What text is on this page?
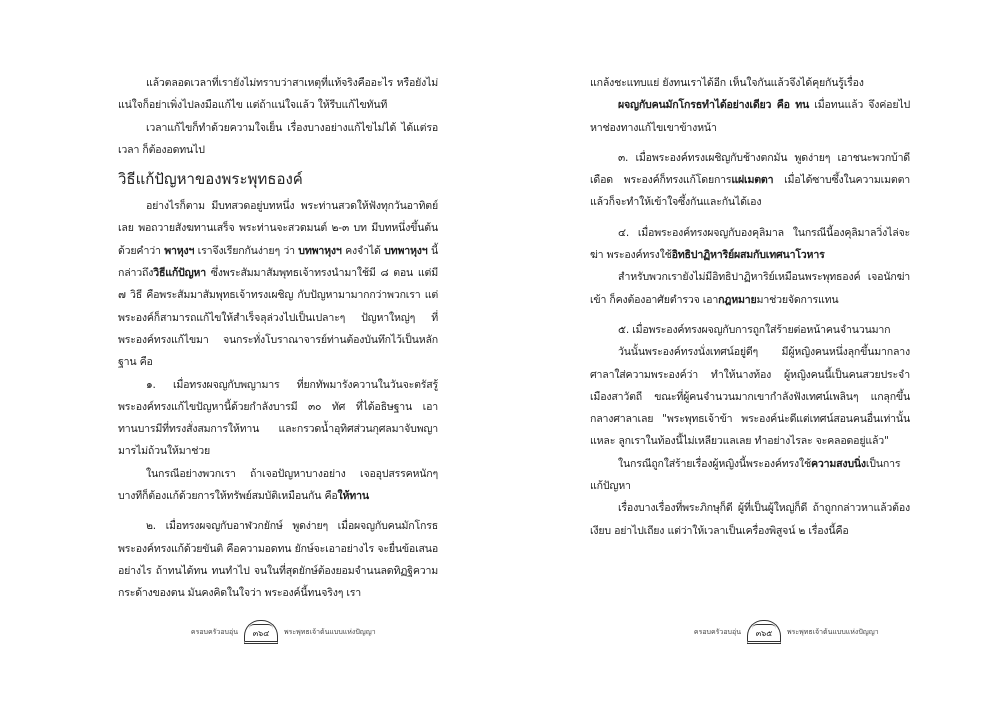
แล้วตลอดเวลาที่เรายังไม่ทราบว่าสาเหตุที่แท้จริงคืออะไร หรือยังไม่แน่ใจก็อย่าเพิ่งไปลงมือแก้ไข แต่ถ้าแน่ใจแล้ว ให้รีบแก้ไขทันที

เวลาแก้ไขก็ทำด้วยความใจเย็น เรื่องบางอย่างแก้ไขไม่ได้ ได้แต่รอเวลา ก็ต้องอดทนไป

วิธีแก้ปัญหาของพระพุทธองค์

อย่างไรก็ตาม มีบทสวดอยู่บทหนึ่ง พระท่านสวดให้ฟังทุกวันอาทิตย์เลย พอถวายสังฆทานเสร็จ พระท่านจะสวดมนต์ ๒-๓ บท มีบทหนึ่งขึ้นต้นด้วยคำว่า พาหุงฯ เราจึงเรียกกันง่ายๆ ว่า บทพาหุงฯ คงจำได้ บทพาหุงฯ นี้ กล่าวถึงวิธีแก้ปัญหา ซึ่งพระสัมมาสัมพุทธเจ้าทรงนำมาใช้มี ๘ ตอน แต่มี ๗ วิธี คือพระสัมมาสัมพุทธเจ้าทรงเผชิญ กับปัญหามามากกว่าพวกเรา แต่พระองค์ก็สามารถแก้ไขให้สำเร็จลุล่วงไปเป็นเปลาะๆ ปัญหาใหญ่ๆ ที่พระองค์ทรงแก้ไขมา จนกระทั่งโบราณาจารย์ท่านต้องบันทึกไว้เป็นหลักฐาน คือ

๑. เมื่อทรงผจญกับพญามาร ที่ยกทัพมารังควานในวันจะตรัสรู้ พระองค์ทรงแก้ไขปัญหานี้ด้วยกำลังบารมี ๓๐ ทัศ ที่ได้อธิษฐาน เอาทานบารมีที่ทรงสั่งสมการให้ทาน และกรวดน้ำอุทิศส่วนกุศลมาจับพญามารไม่ถ้วนให้มาช่วย

ในกรณีอย่างพวกเรา ถ้าเจอปัญหาบางอย่าง เจออุปสรรคหนักๆ บางทีก็ต้องแก้ด้วยการให้ทรัพย์สมบัติเหมือนกัน คือให้ทาน

๒. เมื่อทรงผจญกับอาฬวกยักษ์ พูดง่ายๆ เมื่อผจญกับคนมักโกรธ พระองค์ทรงแก้ด้วยขันติ คือความอดทน ยักษ์จะเอาอย่างไร จะยื่นข้อเสนออย่างไร ถ้าทนได้ทน ทนทำไป จนในที่สุดยักษ์ต้องยอมจำนนลดทิฏฐิความกระด้างของตน มันคงคิดในใจว่า พระองค์นี้ทนจริงๆ เรา

ครอบครัวอบอุ่น ๓๖๔ พระพุทธเจ้าต้นแบบแห่งปัญญา

แกล้งชะแทบแย่ ยังทนเราได้อีก เห็นใจกันแล้วจึงได้คุยกันรู้เรื่อง

ผจญกับคนมักโกรธทำได้อย่างเดียว คือ ทน เมื่อทนแล้ว จึงค่อยไปหาช่องทางแก้ไขเขาข้างหน้า

๓. เมื่อพระองค์ทรงเผชิญกับช้างตกมัน พูดง่ายๆ เอาชนะพวกบ้าดีเดือด พระองค์ก็ทรงแก้โดยการแผ่เมตตา เมื่อได้ซาบซึ้งในความเมตตาแล้วก็จะทำให้เข้าใจซึ้งกันและกันได้เอง

๔. เมื่อพระองค์ทรงผจญกับองคุลิมาล ในกรณีนี้องคุลิมาลวิ่งไล่จะฆ่า พระองค์ทรงใช้อิทธิปาฏิหาริย์ผสมกับเทศนาโวหาร

สำหรับพวกเรายังไม่มีอิทธิปาฏิหาริย์เหมือนพระพุทธองค์ เจอนักฆ่าเข้า ก็คงต้องอาศัยตำรวจ เอากฎหมายมาช่วยจัดการแทน

๕. เมื่อพระองค์ทรงผจญกับการถูกใส่ร้ายต่อหน้าคนจำนวนมาก

วันนั้นพระองค์ทรงนั่งเทศน์อยู่ดีๆ มีผู้หญิงคนหนึ่งลุกขึ้นมากลางศาลาใส่ความพระองค์ว่า ทำให้นางท้อง ผู้หญิงคนนี้เป็นคนสวยประจำเมืองสาวัตถี ขณะที่ผู้คนจำนวนมากเขากำลังฟังเทศน์เพลินๆ แกลุกขึ้นกลางศาลาเลย "พระพุทธเจ้าข้า พระองค์น่ะดีแต่เทศน์สอนคนอื่นเท่านั้นแหละ ลูกเราในท้องนี้ไม่เหลียวแลเลย ทำอย่างไรละ จะคลอดอยู่แล้ว"

ในกรณีถูกใส่ร้ายเรื่องผู้หญิงนี้พระองค์ทรงใช้ความสงบนิ่งเป็นการแก้ปัญหา

เรื่องบางเรื่องที่พระภิกษุก็ดี ผู้ที่เป็นผู้ใหญ่ก็ดี ถ้าถูกกล่าวหาแล้วต้องเงียบ อย่าไปเถียง แต่ว่าให้เวลาเป็นเครื่องพิสูจน์ ๒ เรื่องนี้คือ

ครอบครัวอบอุ่น ๓๖๕ พระพุทธเจ้าต้นแบบแห่งปัญญา
